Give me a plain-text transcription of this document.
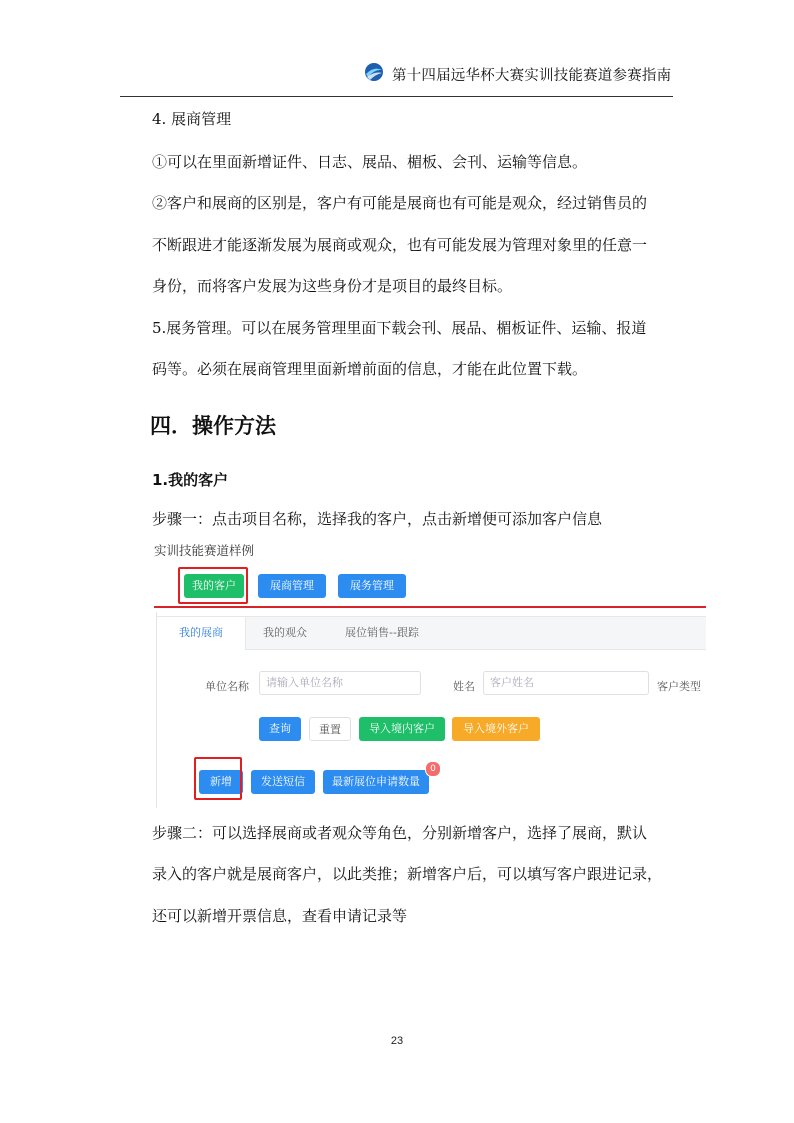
第十四届远华杯大赛实训技能赛道参赛指南
4. 展商管理
①可以在里面新增证件、日志、展品、楣板、会刊、运输等信息。
②客户和展商的区别是，客户有可能是展商也有可能是观众，经过销售员的
不断跟进才能逐渐发展为展商或观众，也有可能发展为管理对象里的任意一
身份，而将客户发展为这些身份才是项目的最终目标。
5.展务管理。可以在展务管理里面下载会刊、展品、楣板证件、运输、报道
码等。必须在展商管理里面新增前面的信息，才能在此位置下载。
四．操作方法
1.我的客户
步骤一：点击项目名称，选择我的客户，点击新增便可添加客户信息
实训技能赛道样例
我的客户	展商管理	展务管理
我的展商	我的观众	展位销售--跟踪
单位名称	请输入单位名称	姓名	客户姓名	客户类型
查询	重置	导入境内客户	导入境外客户
新增	发送短信	最新展位申请数量
0
步骤二：可以选择展商或者观众等角色，分别新增客户，选择了展商，默认
录入的客户就是展商客户，以此类推；新增客户后，可以填写客户跟进记录，
还可以新增开票信息，查看申请记录等
23
